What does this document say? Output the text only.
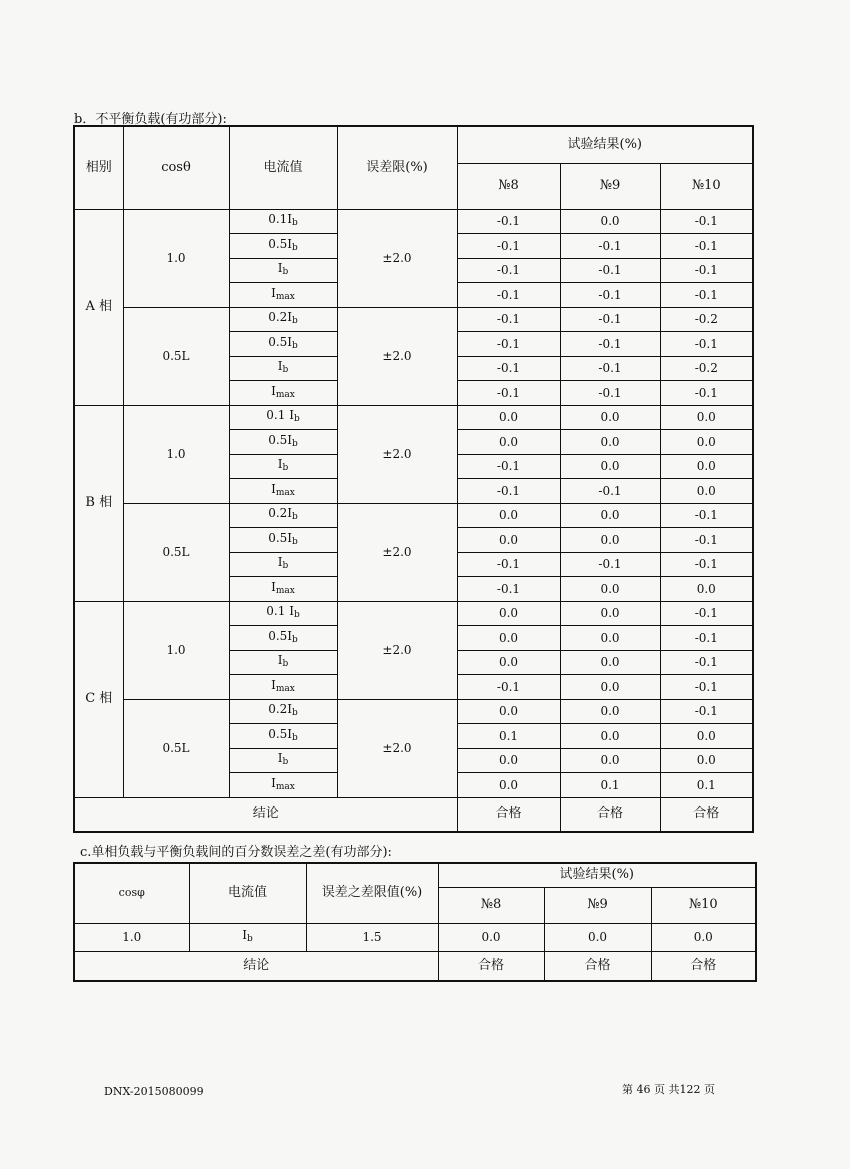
b．不平衡负载(有功部分):
相别	cosθ	电流值	误差限(%)	试验结果(%)		
				№8	№9	№10
A 相	1.0	$0.1I_b$	±2.0	-0.1	0.0	-0.1
		$0.5I_b$		-0.1	-0.1	-0.1
		$I_b$		-0.1	-0.1	-0.1
		$I_{max}$		-0.1	-0.1	-0.1
	0.5L	$0.2I_b$	±2.0	-0.1	-0.1	-0.2
		$0.5I_b$		-0.1	-0.1	-0.1
		$I_b$		-0.1	-0.1	-0.2
		$I_{max}$		-0.1	-0.1	-0.1
B 相	1.0	0.1 $I_b$	±2.0	0.0	0.0	0.0
		$0.5I_b$		0.0	0.0	0.0
		$I_b$		-0.1	0.0	0.0
		$I_{max}$		-0.1	-0.1	0.0
	0.5L	$0.2I_b$	±2.0	0.0	0.0	-0.1
		$0.5I_b$		0.0	0.0	-0.1
		$I_b$		-0.1	-0.1	-0.1
		$I_{max}$		-0.1	0.0	0.0
C 相	1.0	0.1 $I_b$	±2.0	0.0	0.0	-0.1
		$0.5I_b$		0.0	0.0	-0.1
		$I_b$		0.0	0.0	-0.1
		$I_{max}$		-0.1	0.0	-0.1
	0.5L	$0.2I_b$	±2.0	0.0	0.0	-0.1
		$0.5I_b$		0.1	0.0	0.0
		$I_b$		0.0	0.0	0.0
		$I_{max}$		0.0	0.1	0.1
结论				合格	合格	合格
c.单相负载与平衡负载间的百分数误差之差(有功部分):
cosφ	电流值	误差之差限值(%)	试验结果(%)		
			№8	№9	№10
1.0	$I_b$	1.5	0.0	0.0	0.0
结论			合格	合格	合格
DNX-2015080099	第 46 页 共122 页
